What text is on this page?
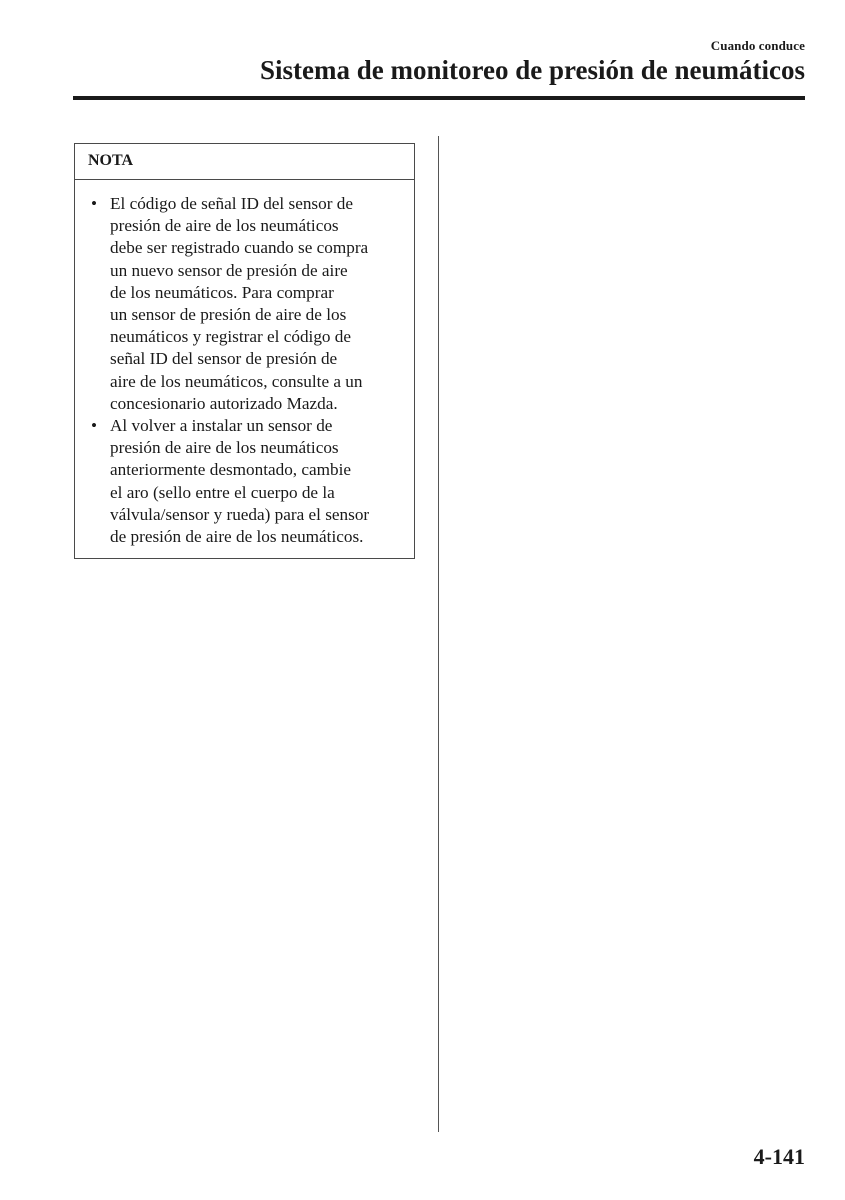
Cuando conduce
Sistema de monitoreo de presión de neumáticos
NOTA
• El código de señal ID del sensor de
presión de aire de los neumáticos
debe ser registrado cuando se compra
un nuevo sensor de presión de aire
de los neumáticos. Para comprar
un sensor de presión de aire de los
neumáticos y registrar el código de
señal ID del sensor de presión de
aire de los neumáticos, consulte a un
concesionario autorizado Mazda.
• Al volver a instalar un sensor de
presión de aire de los neumáticos
anteriormente desmontado, cambie
el aro (sello entre el cuerpo de la
válvula/sensor y rueda) para el sensor
de presión de aire de los neumáticos.
4-141
